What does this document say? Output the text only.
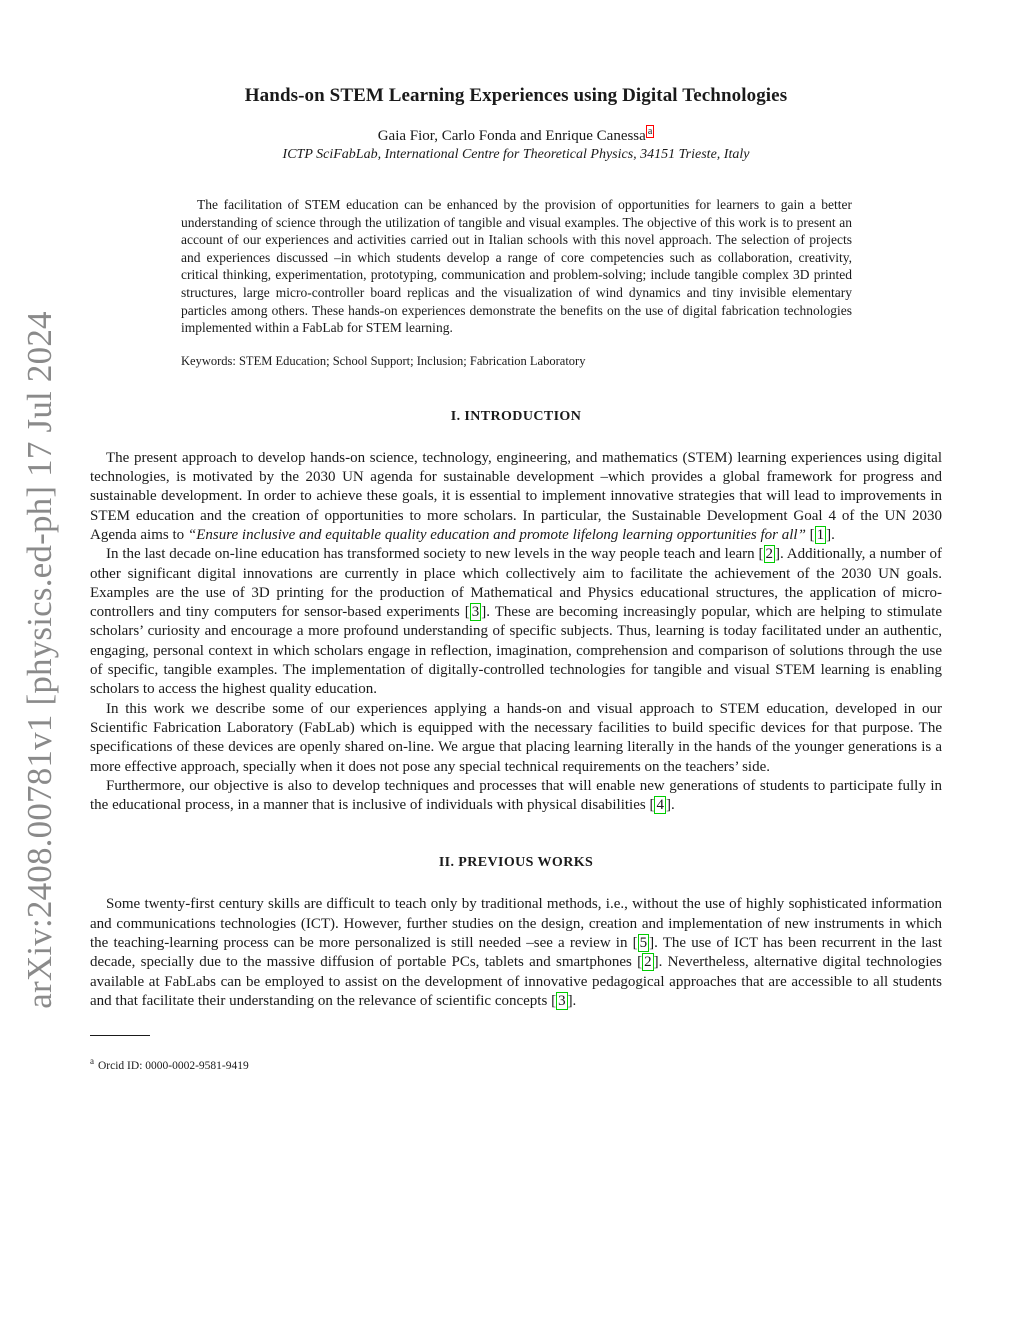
arXiv:2408.00781v1 [physics.ed-ph] 17 Jul 2024
Hands-on STEM Learning Experiences using Digital Technologies
Gaia Fior, Carlo Fonda and Enrique Canessa $^a$
ICTP SciFabLab, International Centre for Theoretical Physics, 34151 Trieste, Italy

The facilitation of STEM education can be enhanced by the provision of opportunities for learners to gain a better understanding of science through the utilization of tangible and visual examples. The objective of this work is to present an account of our experiences and activities carried out in Italian schools with this novel approach. The selection of projects and experiences discussed –in which students develop a range of core competencies such as collaboration, creativity, critical thinking, experimentation, prototyping, communication and problem-solving; include tangible complex 3D printed structures, large micro-controller board replicas and the visualization of wind dynamics and tiny invisible elementary particles among others. These hands-on experiences demonstrate the benefits on the use of digital fabrication technologies implemented within a FabLab for STEM learning.

Keywords: STEM Education; School Support; Inclusion; Fabrication Laboratory
I. INTRODUCTION

The present approach to develop hands-on science, technology, engineering, and mathematics (STEM) learning experiences using digital technologies, is motivated by the 2030 UN agenda for sustainable development –which provides a global framework for progress and sustainable development. In order to achieve these goals, it is essential to implement innovative strategies that will lead to improvements in STEM education and the creation of opportunities to more scholars. In particular, the Sustainable Development Goal 4 of the UN 2030 Agenda aims to “Ensure inclusive and equitable quality education and promote lifelong learning opportunities for all” [ 1 ].

In the last decade on-line education has transformed society to new levels in the way people teach and learn [ 2 ]. Additionally, a number of other significant digital innovations are currently in place which collectively aim to facilitate the achievement of the 2030 UN goals. Examples are the use of 3D printing for the production of Mathematical and Physics educational structures, the application of micro-controllers and tiny computers for sensor-based experiments [ 3 ]. These are becoming increasingly popular, which are helping to stimulate scholars’ curiosity and encourage a more profound understanding of specific subjects. Thus, learning is today facilitated under an authentic, engaging, personal context in which scholars engage in reflection, imagination, comprehension and comparison of solutions through the use of specific, tangible examples. The implementation of digitally-controlled technologies for tangible and visual STEM learning is enabling scholars to access the highest quality education.

In this work we describe some of our experiences applying a hands-on and visual approach to STEM education, developed in our Scientific Fabrication Laboratory (FabLab) which is equipped with the necessary facilities to build specific devices for that purpose. The specifications of these devices are openly shared on-line. We argue that placing learning literally in the hands of the younger generations is a more effective approach, specially when it does not pose any special technical requirements on the teachers’ side.

Furthermore, our objective is also to develop techniques and processes that will enable new generations of students to participate fully in the educational process, in a manner that is inclusive of individuals with physical disabilities [ 4 ].

II. PREVIOUS WORKS

Some twenty-first century skills are difficult to teach only by traditional methods, i.e., without the use of highly sophisticated information and communications technologies (ICT). However, further studies on the design, creation and implementation of new instruments in which the teaching-learning process can be more personalized is still needed –see a review in [ 5 ]. The use of ICT has been recurrent in the last decade, specially due to the massive diffusion of portable PCs, tablets and smartphones [ 2 ]. Nevertheless, alternative digital technologies available at FabLabs can be employed to assist on the development of innovative pedagogical approaches that are accessible to all students and that facilitate their understanding on the relevance of scientific concepts [ 3 ].

$^a$ Orcid ID: 0000-0002-9581-9419
